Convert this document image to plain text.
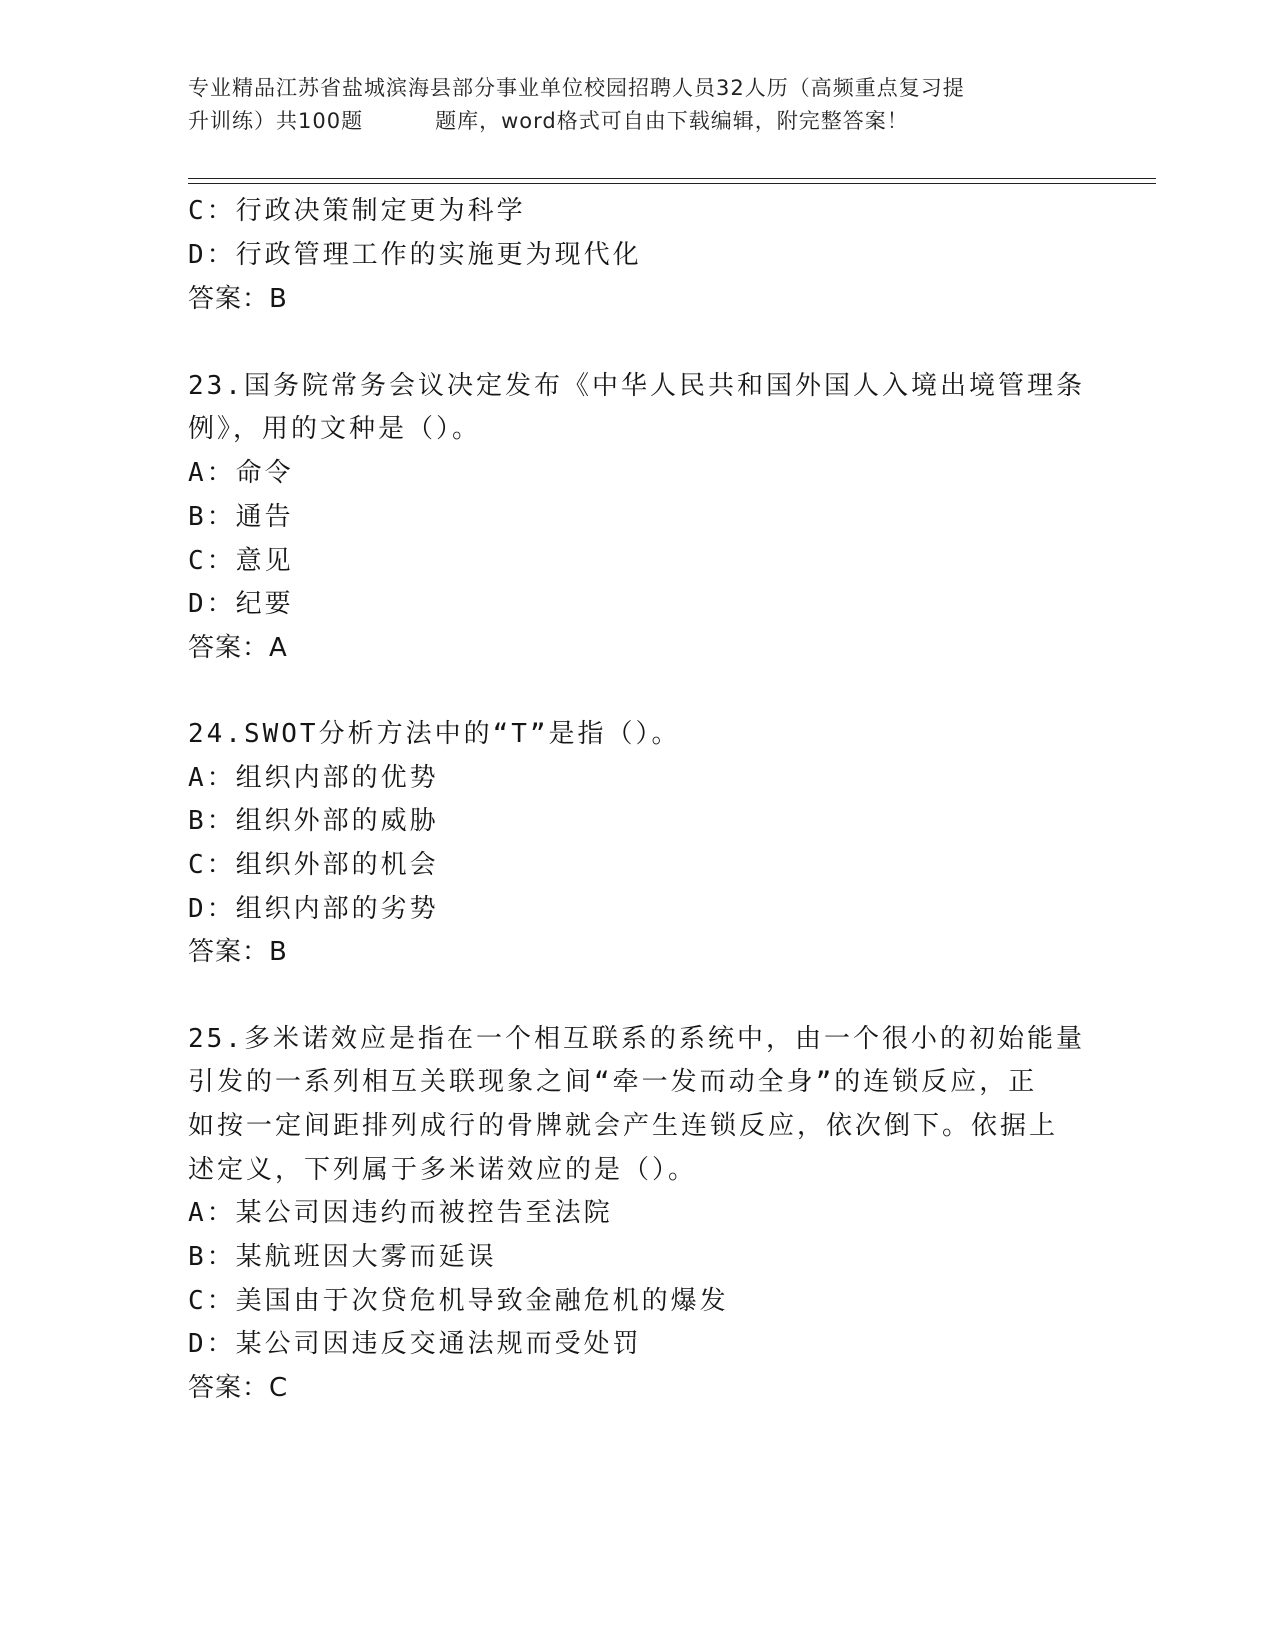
专业精品江苏省盐城滨海县部分事业单位校园招聘人员32人历（高频重点复习提
升训练）共100题	题库，word格式可自由下载编辑，附完整答案！
C：行政决策制定更为科学
D：行政管理工作的实施更为现代化
答案：B
23.国务院常务会议决定发布《中华人民共和国外国人入境出境管理条
例》，用的文种是（）。
A：命令
B：通告
C：意见
D：纪要
答案：A
24.SWOT分析方法中的“T”是指（）。
A：组织内部的优势
B：组织外部的威胁
C：组织外部的机会
D：组织内部的劣势
答案：B
25.多米诺效应是指在一个相互联系的系统中，由一个很小的初始能量
引发的一系列相互关联现象之间“牵一发而动全身”的连锁反应，正
如按一定间距排列成行的骨牌就会产生连锁反应，依次倒下。依据上
述定义，下列属于多米诺效应的是（）。
A：某公司因违约而被控告至法院
B：某航班因大雾而延误
C：美国由于次贷危机导致金融危机的爆发
D：某公司因违反交通法规而受处罚
答案：C
